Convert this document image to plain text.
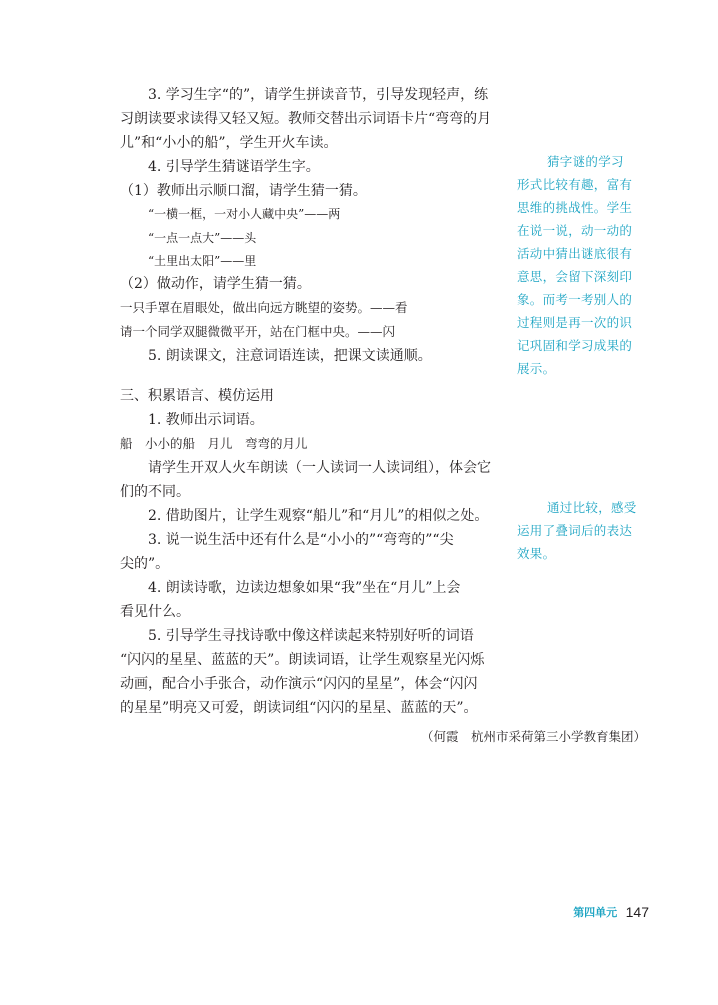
3. 学习生字“的”，请学生拼读音节，引导发现轻声，练
习朗读要求读得又轻又短。教师交替出示词语卡片“弯弯的月
儿”和“小小的船”，学生开火车读。
4. 引导学生猜谜语学生字。
（1）教师出示顺口溜，请学生猜一猜。
“一横一框，一对小人藏中央”——两
“一点一点大”——头
“土里出太阳”——里
（2）做动作，请学生猜一猜。
一只手罩在眉眼处，做出向远方眺望的姿势。——看
请一个同学双腿微微平开，站在门框中央。——闪
5. 朗读课文，注意词语连读，把课文读通顺。
三、积累语言、模仿运用
1. 教师出示词语。
船　小小的船　月儿　弯弯的月儿
请学生开双人火车朗读（一人读词一人读词组），体会它
们的不同。
2. 借助图片，让学生观察“船儿”和“月儿”的相似之处。
3. 说一说生活中还有什么是“小小的”“弯弯的”“尖
尖的”。
4. 朗读诗歌，边读边想象如果“我”坐在“月儿”上会
看见什么。
5. 引导学生寻找诗歌中像这样读起来特别好听的词语
“闪闪的星星、蓝蓝的天”。朗读词语，让学生观察星光闪烁
动画，配合小手张合，动作演示“闪闪的星星”，体会“闪闪
的星星”明亮又可爱，朗读词组“闪闪的星星、蓝蓝的天”。
猜字谜的学习
形式比较有趣，富有
思维的挑战性。学生
在说一说，动一动的
活动中猜出谜底很有
意思，会留下深刻印
象。而考一考别人的
过程则是再一次的识
记巩固和学习成果的
展示。
通过比较，感受
运用了叠词后的表达
效果。
（何霞　杭州市采荷第三小学教育集团）
第四单元 147
